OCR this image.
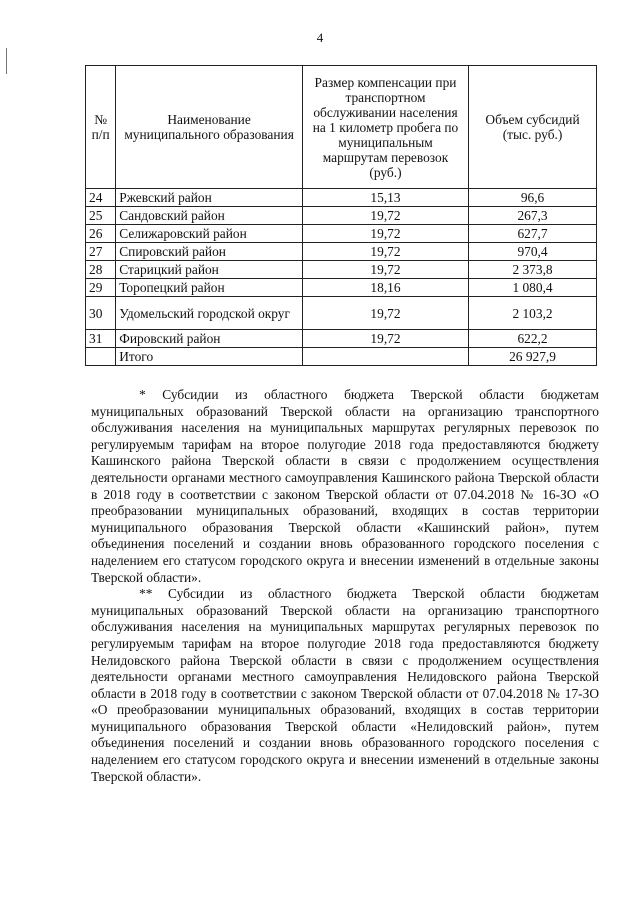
4
№ п/п	Наименование муниципального образования	Размер компенсации при транспортном обслуживании населения на 1 километр пробега по муниципальным маршрутам перевозок (руб.)	Объем субсидий (тыс. руб.)
24	Ржевский район	15,13	96,6
25	Сандовский район	19,72	267,3
26	Селижаровский район	19,72	627,7
27	Спировский район	19,72	970,4
28	Старицкий район	19,72	2 373,8
29	Торопецкий район	18,16	1 080,4
30	Удомельский городской округ	19,72	2 103,2
31	Фировский район	19,72	622,2
	Итого		26 927,9

* Субсидии из областного бюджета Тверской области бюджетам муниципальных образований Тверской области на организацию транспортного обслуживания населения на муниципальных маршрутах регулярных перевозок по регулируемым тарифам на второе полугодие 2018 года предоставляются бюджету Кашинского района Тверской области в связи с продолжением осуществления деятельности органами местного самоуправления Кашинского района Тверской области в 2018 году в соответствии с законом Тверской области от 07.04.2018 № 16-ЗО «О преобразовании муниципальных образований, входящих в состав территории муниципального образования Тверской области «Кашинский район», путем объединения поселений и создании вновь образованного городского поселения с наделением его статусом городского округа и внесении изменений в отдельные законы Тверской области».

** Субсидии из областного бюджета Тверской области бюджетам муниципальных образований Тверской области на организацию транспортного обслуживания населения на муниципальных маршрутах регулярных перевозок по регулируемым тарифам на второе полугодие 2018 года предоставляются бюджету Нелидовского района Тверской области в связи с продолжением осуществления деятельности органами местного самоуправления Нелидовского района Тверской области в 2018 году в соответствии с законом Тверской области от 07.04.2018 № 17-ЗО «О преобразовании муниципальных образований, входящих в состав территории муниципального образования Тверской области «Нелидовский район», путем объединения поселений и создании вновь образованного городского поселения с наделением его статусом городского округа и внесении изменений в отдельные законы Тверской области».
